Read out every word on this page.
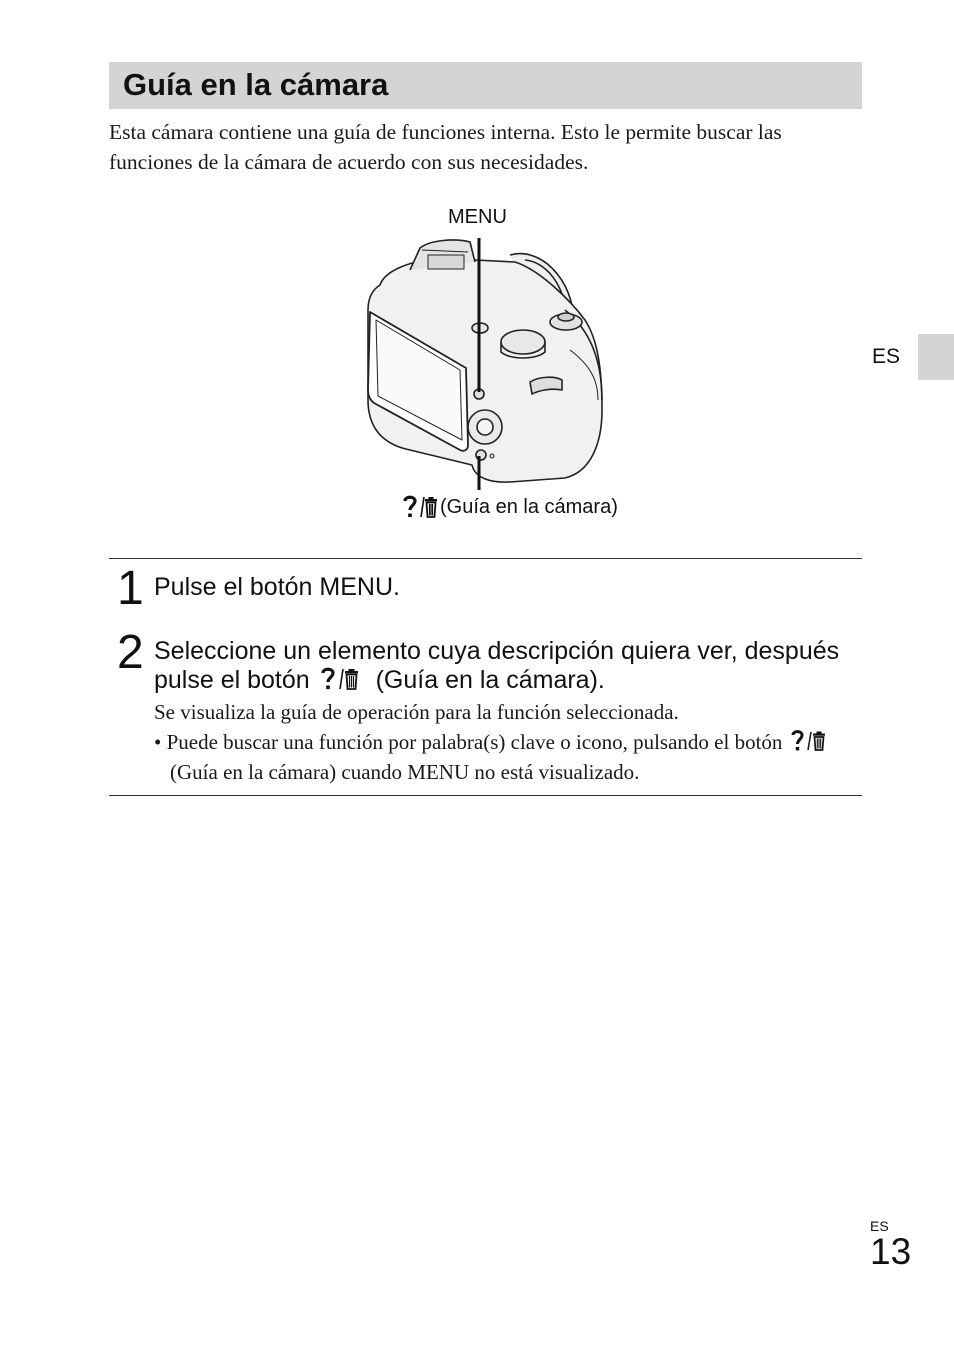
Guía en la cámara

Esta cámara contiene una guía de funciones interna. Esto le permite buscar las funciones de la cámara de acuerdo con sus necesidades.

MENU
(Guía en la cámara)
ES
1 Pulse el botón MENU.

2 Seleccione un elemento cuya descripción quiera ver, después pulse el botón	(Guía en la cámara).

Se visualiza la guía de operación para la función seleccionada.

• Puede buscar una función por palabra(s) clave o icono, pulsando el botón
(Guía en la cámara) cuando MENU no está visualizado.

ES
13
